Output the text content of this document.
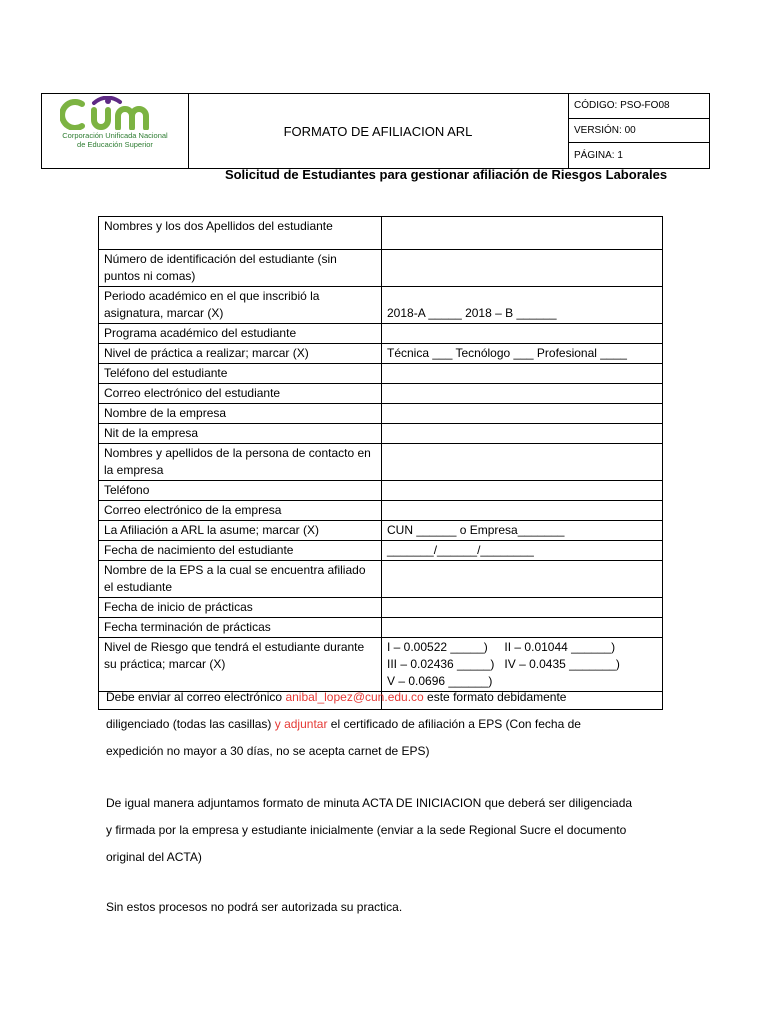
Corporación Unificada Nacional
de Educación Superior
FORMATO DE AFILIACION ARL
CÓDIGO: PSO-FO08
VERSIÓN: 00
PÁGINA: 1
Solicitud de Estudiantes para gestionar afiliación de Riesgos Laborales
Nombres y los dos Apellidos del estudiante	
Número de identificación del estudiante (sin puntos ni comas)	
Periodo académico en el que inscribió la asignatura, marcar (X)	2018-A _____ 2018 – B ______
Programa académico del estudiante	
Nivel de práctica a realizar; marcar (X)	Técnica ___ Tecnólogo ___ Profesional ____
Teléfono del estudiante	
Correo electrónico del estudiante	
Nombre de la empresa	
Nit de la empresa	
Nombres y apellidos de la persona de contacto en la empresa	
Teléfono	
Correo electrónico de la empresa	
La Afiliación a ARL la asume; marcar (X)	CUN ______ o Empresa_______
Fecha de nacimiento del estudiante	_______/______/________
Nombre de la EPS a la cual se encuentra afiliado el estudiante	
Fecha de inicio de prácticas	
Fecha terminación de prácticas	
Nivel de Riesgo que tendrá el estudiante durante su práctica; marcar (X)	I – 0.00522 _____)     II – 0.01044 ______)
III – 0.02436 _____)   IV – 0.0435 _______)
V – 0.0696 ______)

Debe enviar al correo electrónico anibal_lopez@cun.edu.co este formato debidamente
diligenciado (todas las casillas) y adjuntar el certificado de afiliación a EPS (Con fecha de
expedición no mayor a 30 días, no se acepta carnet de EPS)
De igual manera adjuntamos formato de minuta ACTA DE INICIACION que deberá ser diligenciada
y firmada por la empresa y estudiante inicialmente (enviar a la sede Regional Sucre el documento
original del ACTA)
Sin estos procesos no podrá ser autorizada su practica.
